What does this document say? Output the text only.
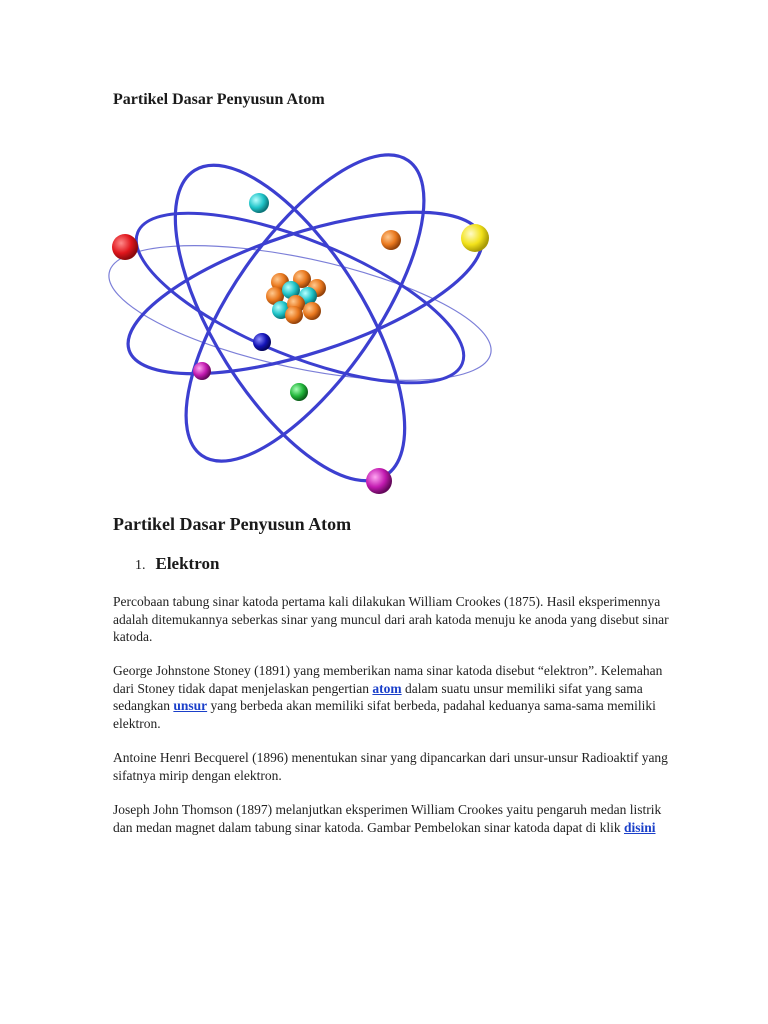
Partikel Dasar Penyusun Atom
Partikel Dasar Penyusun Atom
1. Elektron

Percobaan tabung sinar katoda pertama kali dilakukan William Crookes (1875). Hasil eksperimennya adalah ditemukannya seberkas sinar yang muncul dari arah katoda menuju ke anoda yang disebut sinar katoda.

George Johnstone Stoney (1891) yang memberikan nama sinar katoda disebut “elektron”. Kelemahan dari Stoney tidak dapat menjelaskan pengertian atom dalam suatu unsur memiliki sifat yang sama sedangkan unsur yang berbeda akan memiliki sifat berbeda, padahal keduanya sama-sama memiliki elektron.

Antoine Henri Becquerel (1896) menentukan sinar yang dipancarkan dari unsur-unsur Radioaktif yang sifatnya mirip dengan elektron.

Joseph John Thomson (1897) melanjutkan eksperimen William Crookes yaitu pengaruh medan listrik dan medan magnet dalam tabung sinar katoda. Gambar Pembelokan sinar katoda dapat di klik disini
